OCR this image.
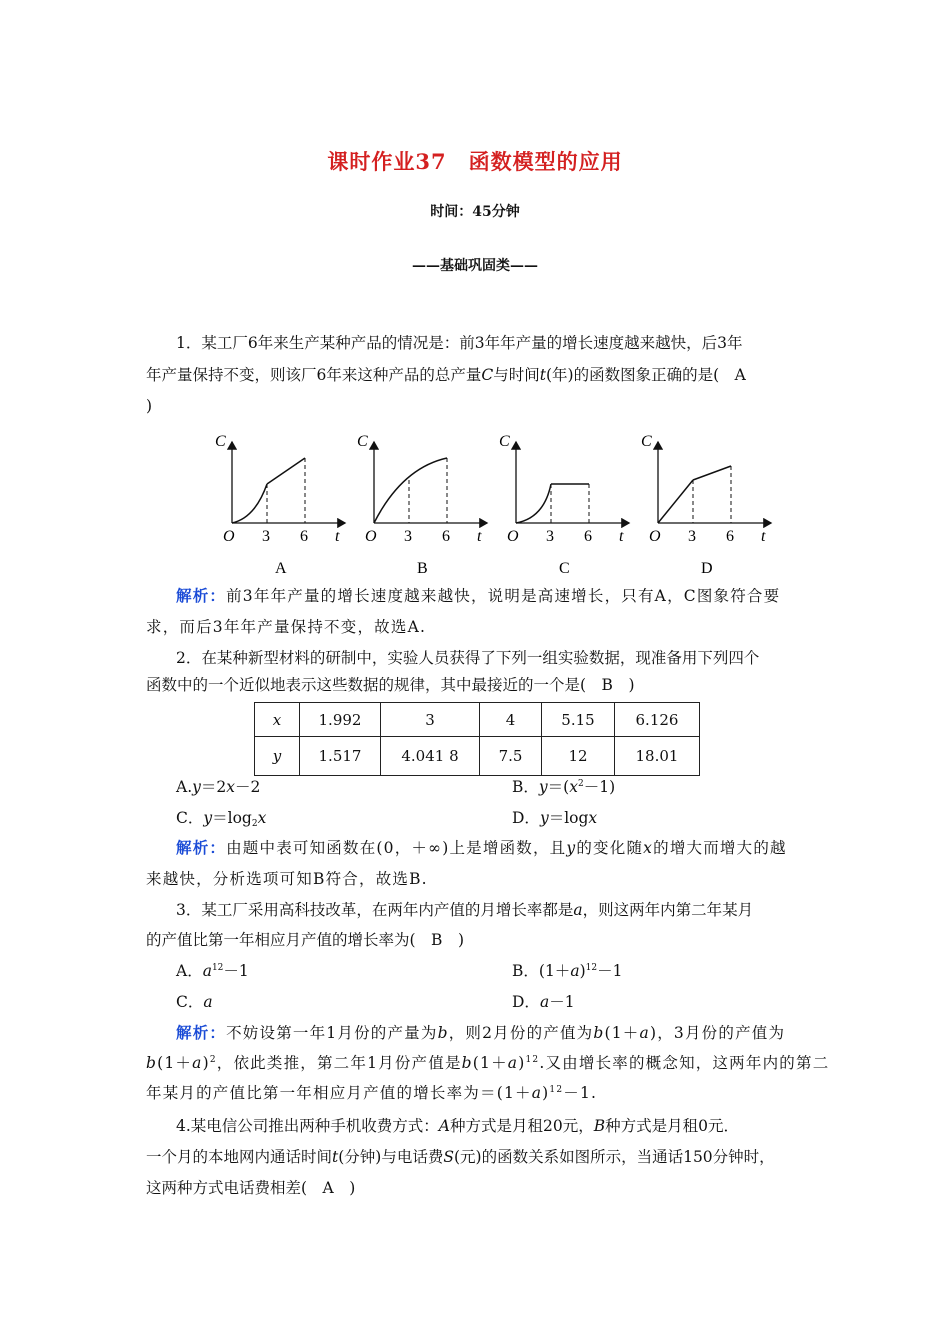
课时作业37　函数模型的应用
时间：45分钟
——基础巩固类——
1．某工厂6年来生产某种产品的情况是：前3年年产量的增长速度越来越快，后3年
年产量保持不变，则该厂6年来这种产品的总产量C与时间t(年)的函数图象正确的是(　A
)
C
O 3 6 t
A
C
O 3 6 t
B
C
O 3 6 t
C
C
O 3 6 t
D
解析：前3年年产量的增长速度越来越快，说明是高速增长，只有A，C图象符合要
求，而后3年年产量保持不变，故选A.
2．在某种新型材料的研制中，实验人员获得了下列一组实验数据，现准备用下列四个
函数中的一个近似地表示这些数据的规律，其中最接近的一个是(　B　)
x	1.992	3	4	5.15	6.126
y	1.517	4.041 8	7.5	12	18.01
A.y＝2x－2	B．$y=(x^2-1)$
C．$y=\log_2x$	D．y＝logx
解析：由题中表可知函数在(0，＋∞)上是增函数，且y的变化随x的增大而增大的越
来越快，分析选项可知B符合，故选B.
3．某工厂采用高科技改革，在两年内产值的月增长率都是a，则这两年内第二年某月
的产值比第一年相应月产值的增长率为(　B　)
A．$a^{12}-1$	B．$(1+a)^{12}-1$
C．a	D．a－1
解析：不妨设第一年1月份的产量为b，则2月份的产值为b(1＋a)，3月份的产值为
$b(1+a)^2$，依此类推，第二年1月份产值是$b(1+a)^{12}$.又由增长率的概念知，这两年内的第二
年某月的产值比第一年相应月产值的增长率为$=(1+a)^{12}-1$.
4.某电信公司推出两种手机收费方式：A种方式是月租20元，B种方式是月租0元．
一个月的本地网内通话时间t(分钟)与电话费S(元)的函数关系如图所示，当通话150分钟时，
这两种方式电话费相差(　A　)
